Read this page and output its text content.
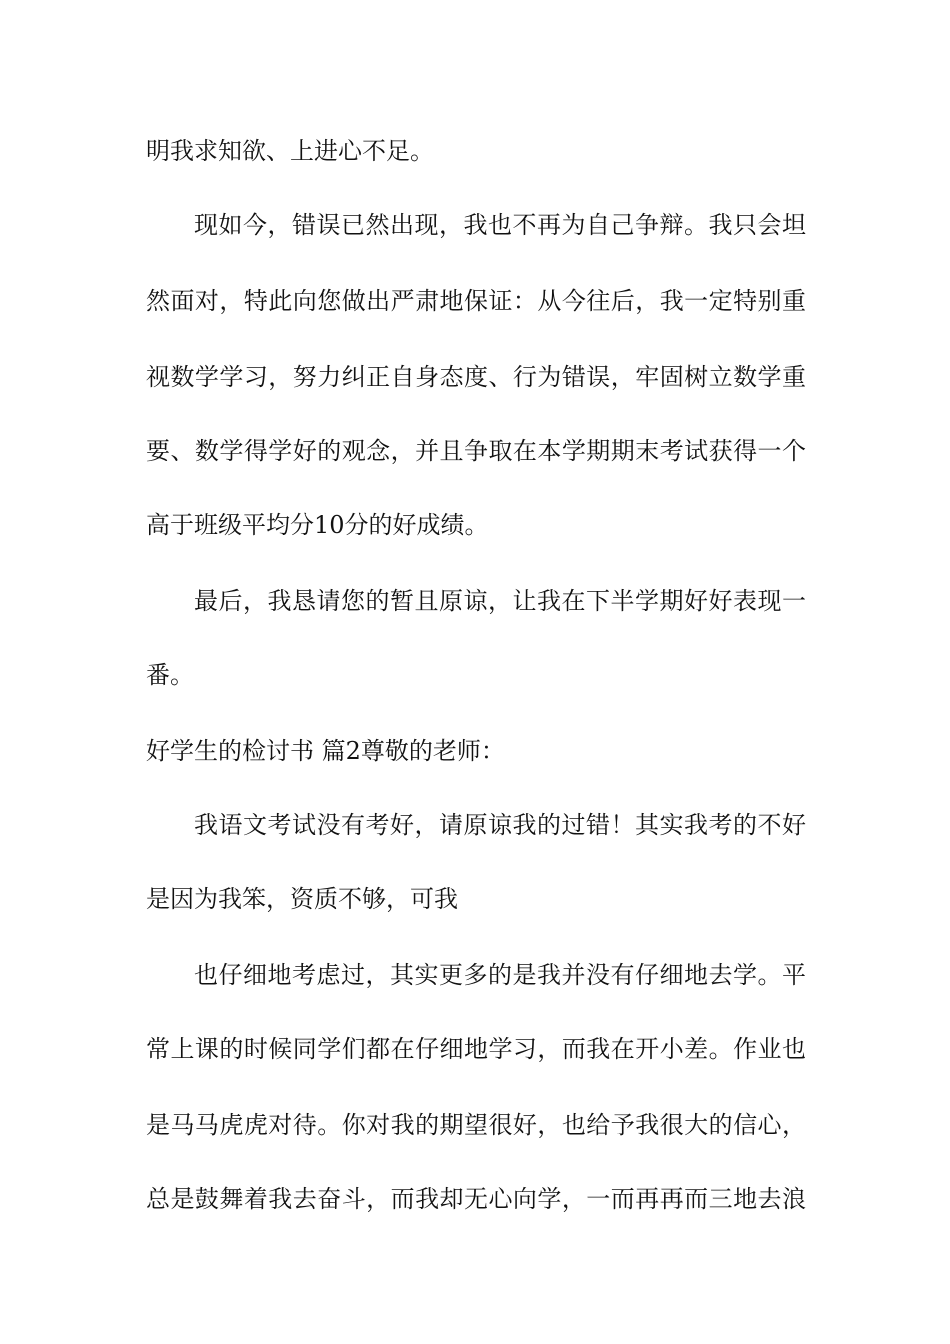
明我求知欲、上进心不足。
现如今，错误已然出现，我也不再为自己争辩。我只会坦
然面对，特此向您做出严肃地保证：从今往后，我一定特别重
视数学学习，努力纠正自身态度、行为错误，牢固树立数学重
要、数学得学好的观念，并且争取在本学期期末考试获得一个
高于班级平均分10分的好成绩。
最后，我恳请您的暂且原谅，让我在下半学期好好表现一
番。
好学生的检讨书 篇2尊敬的老师：
我语文考试没有考好，请原谅我的过错！其实我考的不好
是因为我笨，资质不够，可我
也仔细地考虑过，其实更多的是我并没有仔细地去学。平
常上课的时候同学们都在仔细地学习，而我在开小差。作业也
是马马虎虎对待。你对我的期望很好，也给予我很大的信心，
总是鼓舞着我去奋斗，而我却无心向学，一而再再而三地去浪
